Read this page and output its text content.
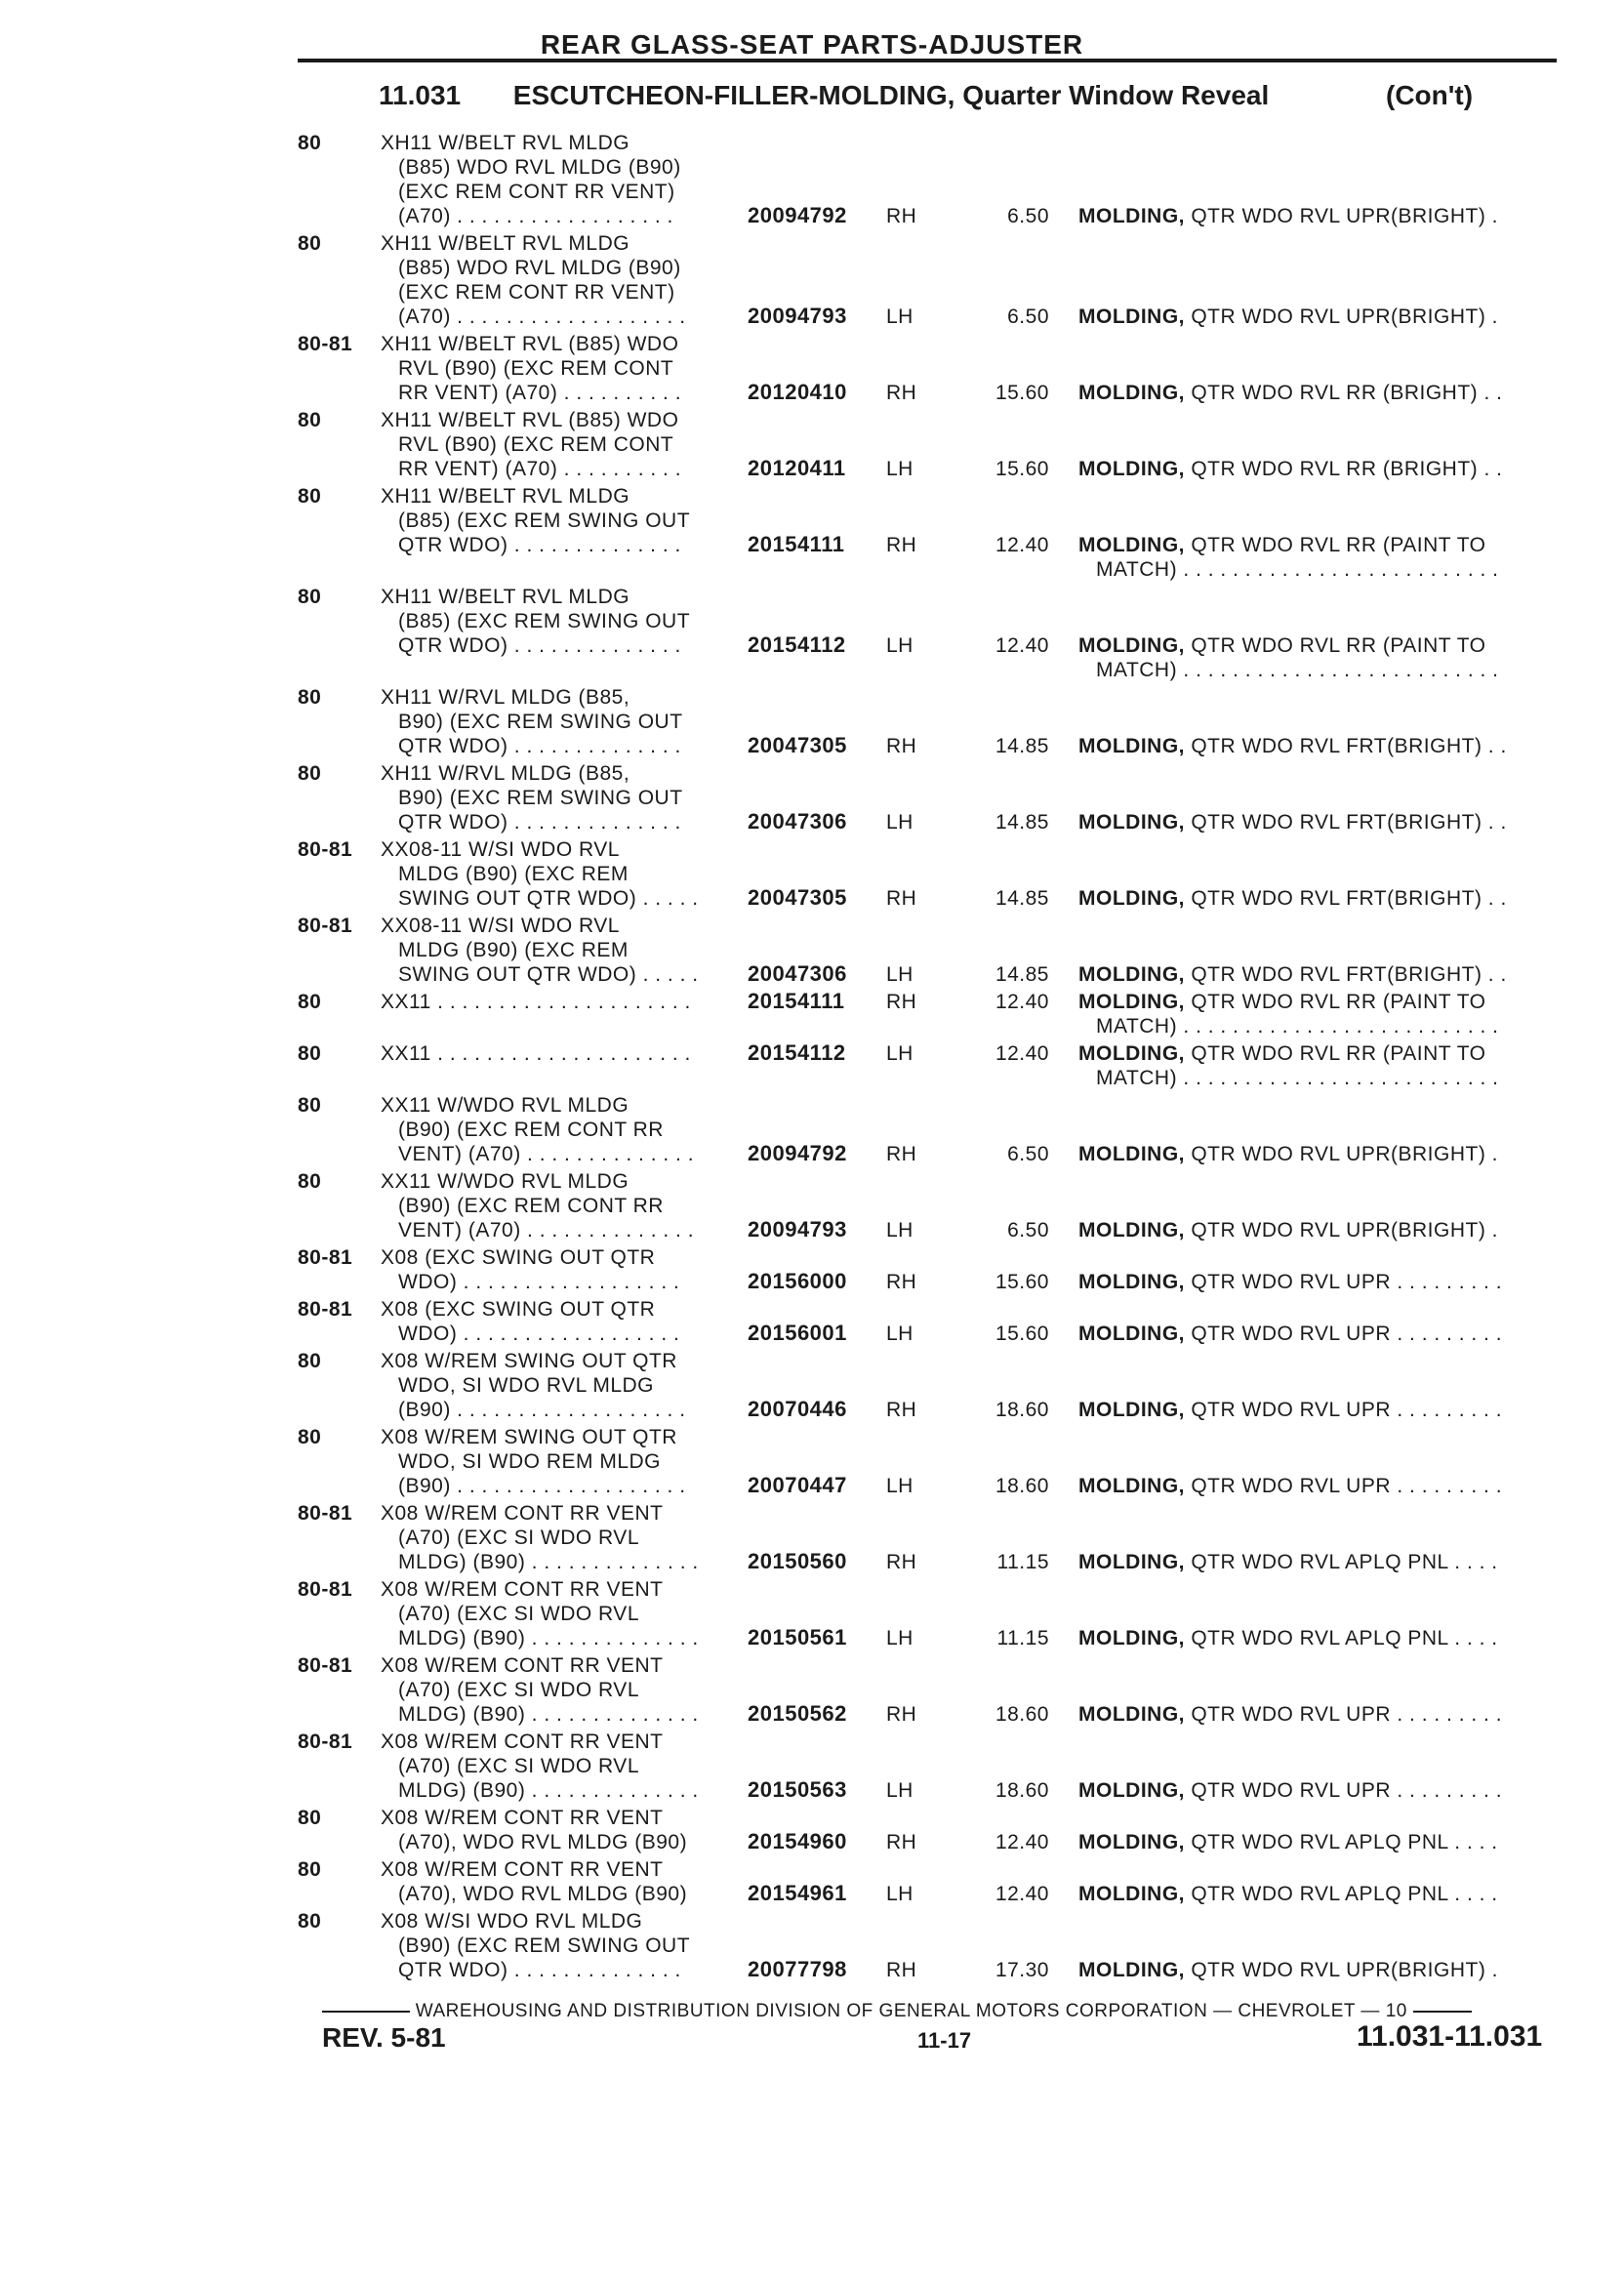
REAR GLASS-SEAT PARTS-ADJUSTER
11.031 ESCUTCHEON-FILLER-MOLDING, Quarter Window Reveal	(Con't)
80	XH11 W/BELT RVL MLDG
(B85) WDO RVL MLDG (B90)
(EXC REM CONT RR VENT)
(A70) . . . . . . . . . . . . . . . . . .	20094792	RH	6.50 MOLDING, QTR WDO RVL UPR(BRIGHT) .
80	XH11 W/BELT RVL MLDG
(B85) WDO RVL MLDG (B90)
(EXC REM CONT RR VENT)
(A70) . . . . . . . . . . . . . . . . . . .	20094793	LH	6.50 MOLDING, QTR WDO RVL UPR(BRIGHT) .
80-81	XH11 W/BELT RVL (B85) WDO
RVL (B90) (EXC REM CONT
RR VENT) (A70) . . . . . . . . . .	20120410	RH	15.60 MOLDING, QTR WDO RVL RR (BRIGHT) . .
80	XH11 W/BELT RVL (B85) WDO
RVL (B90) (EXC REM CONT
RR VENT) (A70) . . . . . . . . . .	20120411	LH	15.60 MOLDING, QTR WDO RVL RR (BRIGHT) . .
80	XH11 W/BELT RVL MLDG
(B85) (EXC REM SWING OUT
QTR WDO) . . . . . . . . . . . . . .	20154111	RH	12.40 MOLDING, QTR WDO RVL RR (PAINT TO
MATCH) . . . . . . . . . . . . . . . . . . . . . . . . . .
80	XH11 W/BELT RVL MLDG
(B85) (EXC REM SWING OUT
QTR WDO) . . . . . . . . . . . . . .	20154112	LH	12.40 MOLDING, QTR WDO RVL RR (PAINT TO
MATCH) . . . . . . . . . . . . . . . . . . . . . . . . . .
80	XH11 W/RVL MLDG (B85,
B90) (EXC REM SWING OUT
QTR WDO) . . . . . . . . . . . . . .	20047305	RH	14.85 MOLDING, QTR WDO RVL FRT(BRIGHT) . .
80	XH11 W/RVL MLDG (B85,
B90) (EXC REM SWING OUT
QTR WDO) . . . . . . . . . . . . . .	20047306	LH	14.85 MOLDING, QTR WDO RVL FRT(BRIGHT) . .
80-81	XX08-11 W/SI WDO RVL
MLDG (B90) (EXC REM
SWING OUT QTR WDO) . . . . .	20047305	RH	14.85 MOLDING, QTR WDO RVL FRT(BRIGHT) . .
80-81	XX08-11 W/SI WDO RVL
MLDG (B90) (EXC REM
SWING OUT QTR WDO) . . . . .	20047306	LH	14.85 MOLDING, QTR WDO RVL FRT(BRIGHT) . .
80	XX11 . . . . . . . . . . . . . . . . . . . . .	20154111	RH	12.40 MOLDING, QTR WDO RVL RR (PAINT TO
MATCH) . . . . . . . . . . . . . . . . . . . . . . . . . .
80	XX11 . . . . . . . . . . . . . . . . . . . . .	20154112	LH	12.40 MOLDING, QTR WDO RVL RR (PAINT TO
MATCH) . . . . . . . . . . . . . . . . . . . . . . . . . .
80	XX11 W/WDO RVL MLDG
(B90) (EXC REM CONT RR
VENT) (A70) . . . . . . . . . . . . . .	20094792	RH	6.50 MOLDING, QTR WDO RVL UPR(BRIGHT) .
80	XX11 W/WDO RVL MLDG
(B90) (EXC REM CONT RR
VENT) (A70) . . . . . . . . . . . . . .	20094793	LH	6.50 MOLDING, QTR WDO RVL UPR(BRIGHT) .
80-81	X08 (EXC SWING OUT QTR
WDO) . . . . . . . . . . . . . . . . . .	20156000	RH	15.60 MOLDING, QTR WDO RVL UPR . . . . . . . . .
80-81	X08 (EXC SWING OUT QTR
WDO) . . . . . . . . . . . . . . . . . .	20156001	LH	15.60 MOLDING, QTR WDO RVL UPR . . . . . . . . .
80	X08 W/REM SWING OUT QTR
WDO, SI WDO RVL MLDG
(B90) . . . . . . . . . . . . . . . . . . .	20070446	RH	18.60 MOLDING, QTR WDO RVL UPR . . . . . . . . .
80	X08 W/REM SWING OUT QTR
WDO, SI WDO REM MLDG
(B90) . . . . . . . . . . . . . . . . . . .	20070447	LH	18.60 MOLDING, QTR WDO RVL UPR . . . . . . . . .
80-81	X08 W/REM CONT RR VENT
(A70) (EXC SI WDO RVL
MLDG) (B90) . . . . . . . . . . . . . .	20150560	RH	11.15 MOLDING, QTR WDO RVL APLQ PNL . . . .
80-81	X08 W/REM CONT RR VENT
(A70) (EXC SI WDO RVL
MLDG) (B90) . . . . . . . . . . . . . .	20150561	LH	11.15 MOLDING, QTR WDO RVL APLQ PNL . . . .
80-81	X08 W/REM CONT RR VENT
(A70) (EXC SI WDO RVL
MLDG) (B90) . . . . . . . . . . . . . .	20150562	RH	18.60 MOLDING, QTR WDO RVL UPR . . . . . . . . .
80-81	X08 W/REM CONT RR VENT
(A70) (EXC SI WDO RVL
MLDG) (B90) . . . . . . . . . . . . . .	20150563	LH	18.60 MOLDING, QTR WDO RVL UPR . . . . . . . . .
80	X08 W/REM CONT RR VENT
(A70), WDO RVL MLDG (B90)	20154960	RH	12.40 MOLDING, QTR WDO RVL APLQ PNL . . . .
80	X08 W/REM CONT RR VENT
(A70), WDO RVL MLDG (B90)	20154961	LH	12.40 MOLDING, QTR WDO RVL APLQ PNL . . . .
80	X08 W/SI WDO RVL MLDG
(B90) (EXC REM SWING OUT
QTR WDO) . . . . . . . . . . . . . .	20077798	RH	17.30 MOLDING, QTR WDO RVL UPR(BRIGHT) .
WAREHOUSING AND DISTRIBUTION DIVISION OF GENERAL MOTORS CORPORATION — CHEVROLET — 10
REV. 5-81	11-17	11.031-11.031
